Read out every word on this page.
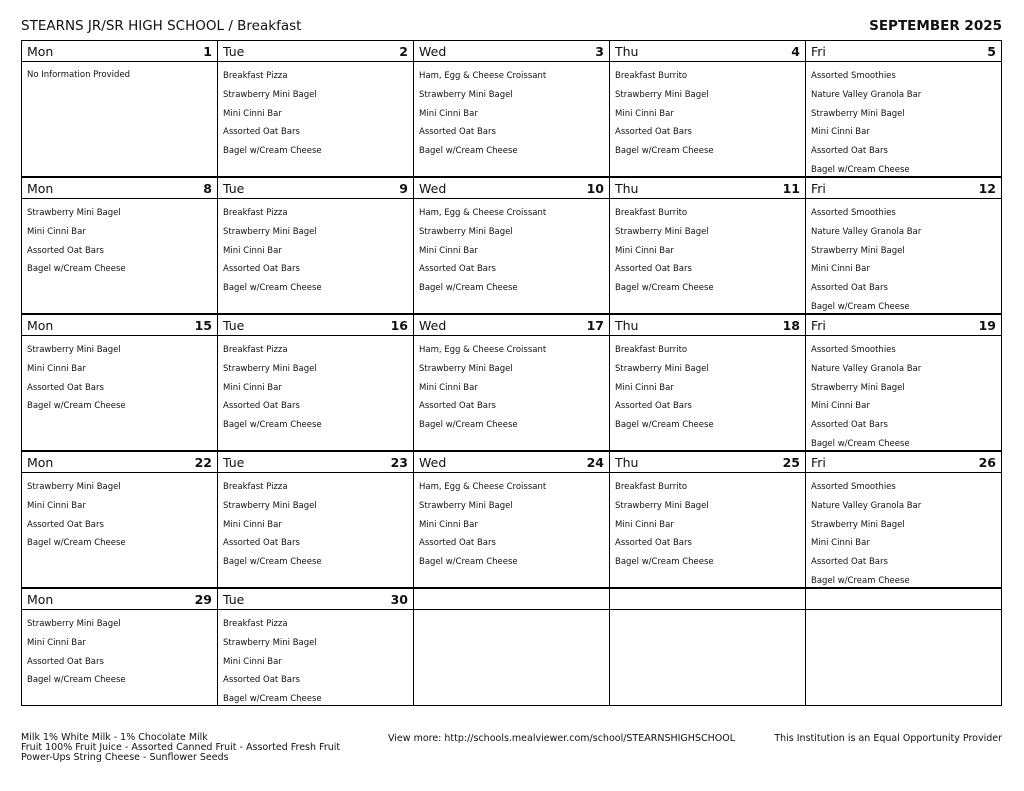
STEARNS JR/SR HIGH SCHOOL / Breakfast	SEPTEMBER 2025
Mon	1
No Information Provided
Tue	2
Breakfast Pizza
Strawberry Mini Bagel
Mini Cinni Bar
Assorted Oat Bars
Bagel w/Cream Cheese
Wed	3
Ham, Egg & Cheese Croissant
Strawberry Mini Bagel
Mini Cinni Bar
Assorted Oat Bars
Bagel w/Cream Cheese
Thu	4
Breakfast Burrito
Strawberry Mini Bagel
Mini Cinni Bar
Assorted Oat Bars
Bagel w/Cream Cheese
Fri	5
Assorted Smoothies
Nature Valley Granola Bar
Strawberry Mini Bagel
Mini Cinni Bar
Assorted Oat Bars
Bagel w/Cream Cheese
Mon	8
Strawberry Mini Bagel
Mini Cinni Bar
Assorted Oat Bars
Bagel w/Cream Cheese
Tue	9
Breakfast Pizza
Strawberry Mini Bagel
Mini Cinni Bar
Assorted Oat Bars
Bagel w/Cream Cheese
Wed	10
Ham, Egg & Cheese Croissant
Strawberry Mini Bagel
Mini Cinni Bar
Assorted Oat Bars
Bagel w/Cream Cheese
Thu	11
Breakfast Burrito
Strawberry Mini Bagel
Mini Cinni Bar
Assorted Oat Bars
Bagel w/Cream Cheese
Fri	12
Assorted Smoothies
Nature Valley Granola Bar
Strawberry Mini Bagel
Mini Cinni Bar
Assorted Oat Bars
Bagel w/Cream Cheese
Mon	15
Strawberry Mini Bagel
Mini Cinni Bar
Assorted Oat Bars
Bagel w/Cream Cheese
Tue	16
Breakfast Pizza
Strawberry Mini Bagel
Mini Cinni Bar
Assorted Oat Bars
Bagel w/Cream Cheese
Wed	17
Ham, Egg & Cheese Croissant
Strawberry Mini Bagel
Mini Cinni Bar
Assorted Oat Bars
Bagel w/Cream Cheese
Thu	18
Breakfast Burrito
Strawberry Mini Bagel
Mini Cinni Bar
Assorted Oat Bars
Bagel w/Cream Cheese
Fri	19
Assorted Smoothies
Nature Valley Granola Bar
Strawberry Mini Bagel
Mini Cinni Bar
Assorted Oat Bars
Bagel w/Cream Cheese
Mon	22
Strawberry Mini Bagel
Mini Cinni Bar
Assorted Oat Bars
Bagel w/Cream Cheese
Tue	23
Breakfast Pizza
Strawberry Mini Bagel
Mini Cinni Bar
Assorted Oat Bars
Bagel w/Cream Cheese
Wed	24
Ham, Egg & Cheese Croissant
Strawberry Mini Bagel
Mini Cinni Bar
Assorted Oat Bars
Bagel w/Cream Cheese
Thu	25
Breakfast Burrito
Strawberry Mini Bagel
Mini Cinni Bar
Assorted Oat Bars
Bagel w/Cream Cheese
Fri	26
Assorted Smoothies
Nature Valley Granola Bar
Strawberry Mini Bagel
Mini Cinni Bar
Assorted Oat Bars
Bagel w/Cream Cheese
Mon	29
Strawberry Mini Bagel
Mini Cinni Bar
Assorted Oat Bars
Bagel w/Cream Cheese
Tue	30
Breakfast Pizza
Strawberry Mini Bagel
Mini Cinni Bar
Assorted Oat Bars
Bagel w/Cream Cheese
Milk 1% White Milk - 1% Chocolate Milk
Fruit 100% Fruit Juice - Assorted Canned Fruit - Assorted Fresh Fruit
Power-Ups String Cheese - Sunflower Seeds
View more: http://schools.mealviewer.com/school/STEARNSHIGHSCHOOL	This Institution is an Equal Opportunity Provider
